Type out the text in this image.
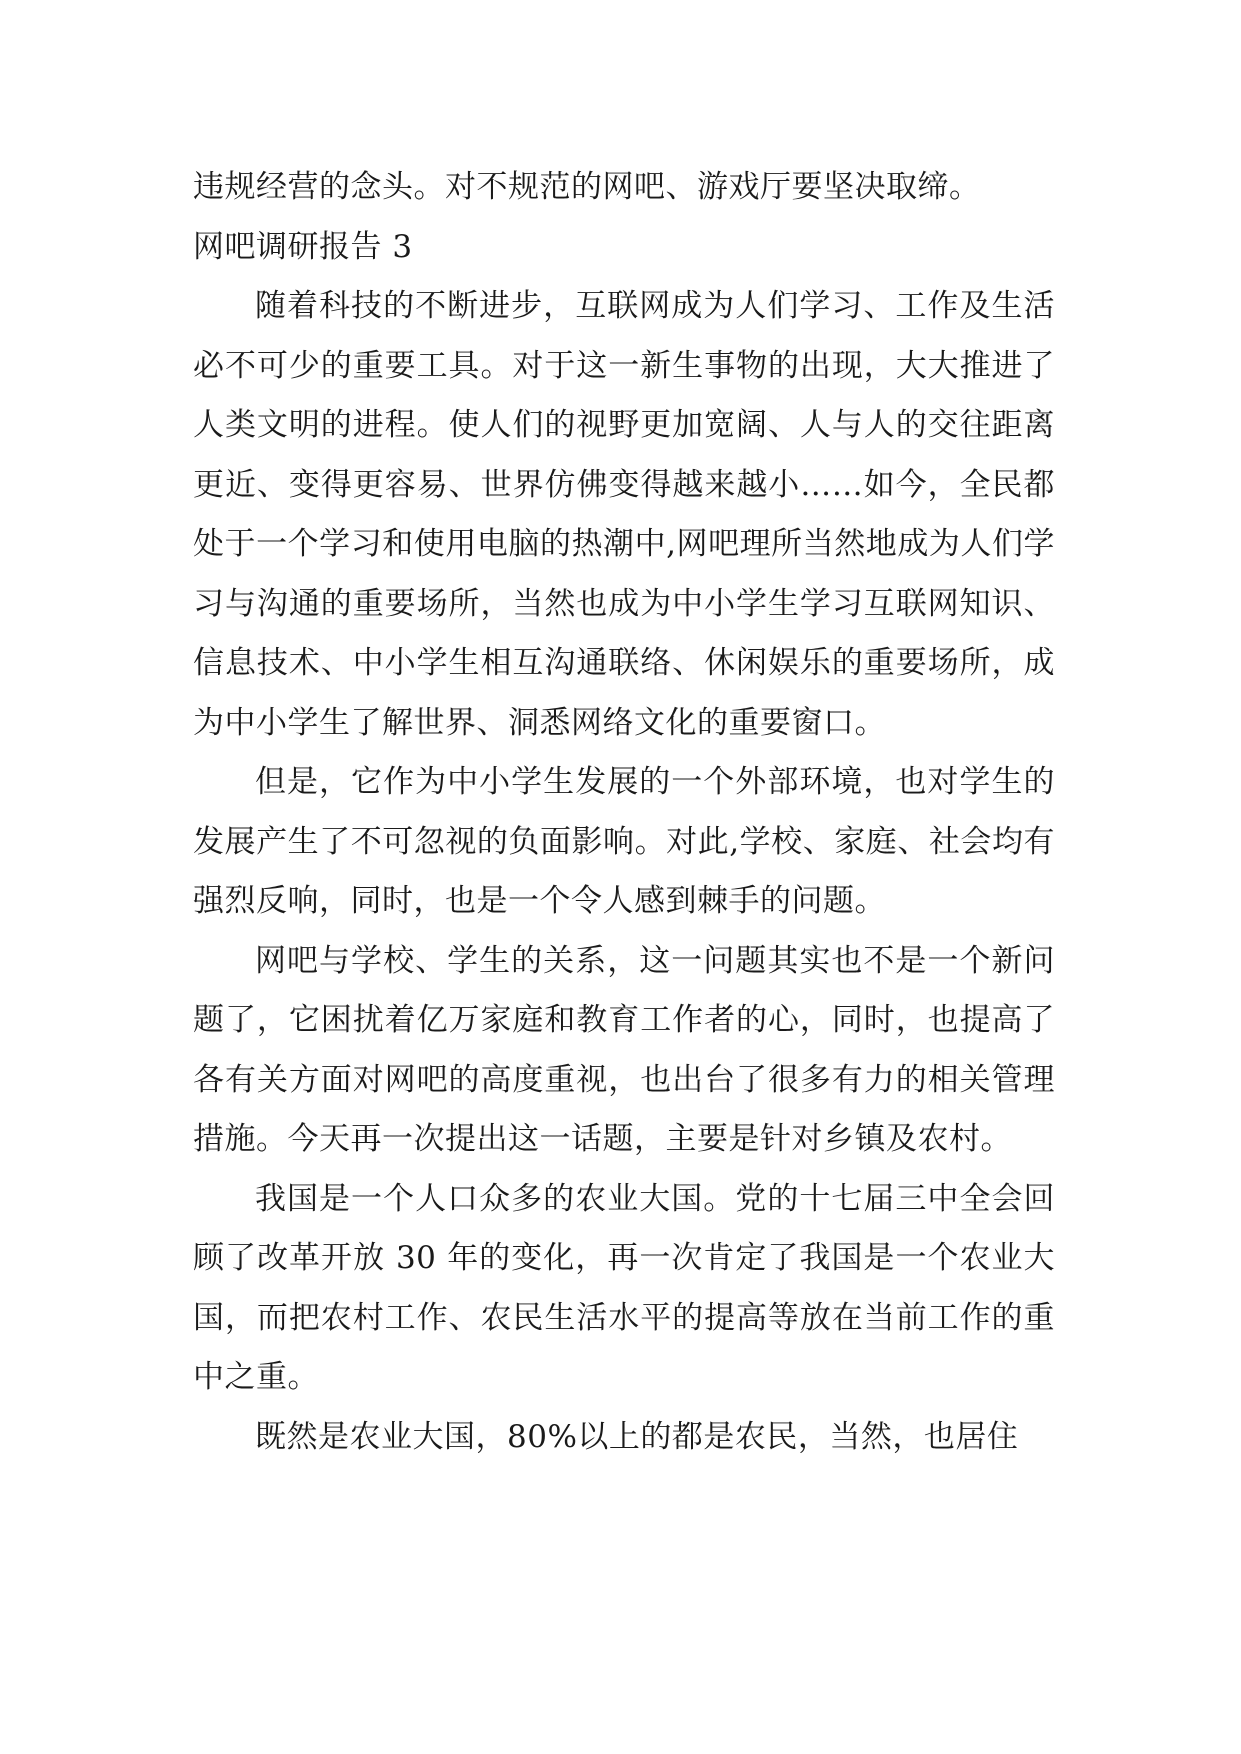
违规经营的念头。对不规范的网吧、游戏厅要坚决取缔。

网吧调研报告 3

随着科技的不断进步，互联网成为人们学习、工作及生活必不可少的重要工具。对于这一新生事物的出现，大大推进了人类文明的进程。使人们的视野更加宽阔、人与人的交往距离更近、变得更容易、世界仿佛变得越来越小……如今，全民都处于一个学习和使用电脑的热潮中,网吧理所当然地成为人们学习与沟通的重要场所，当然也成为中小学生学习互联网知识、信息技术、中小学生相互沟通联络、休闲娱乐的重要场所，成为中小学生了解世界、洞悉网络文化的重要窗口。

但是，它作为中小学生发展的一个外部环境，也对学生的发展产生了不可忽视的负面影响。对此,学校、家庭、社会均有强烈反响，同时，也是一个令人感到棘手的问题。

网吧与学校、学生的关系，这一问题其实也不是一个新问题了，它困扰着亿万家庭和教育工作者的心，同时，也提高了各有关方面对网吧的高度重视，也出台了很多有力的相关管理措施。今天再一次提出这一话题，主要是针对乡镇及农村。

我国是一个人口众多的农业大国。党的十七届三中全会回顾了改革开放 30 年的变化，再一次肯定了我国是一个农业大国，而把农村工作、农民生活水平的提高等放在当前工作的重中之重。

既然是农业大国，80%以上的都是农民，当然，也居住
